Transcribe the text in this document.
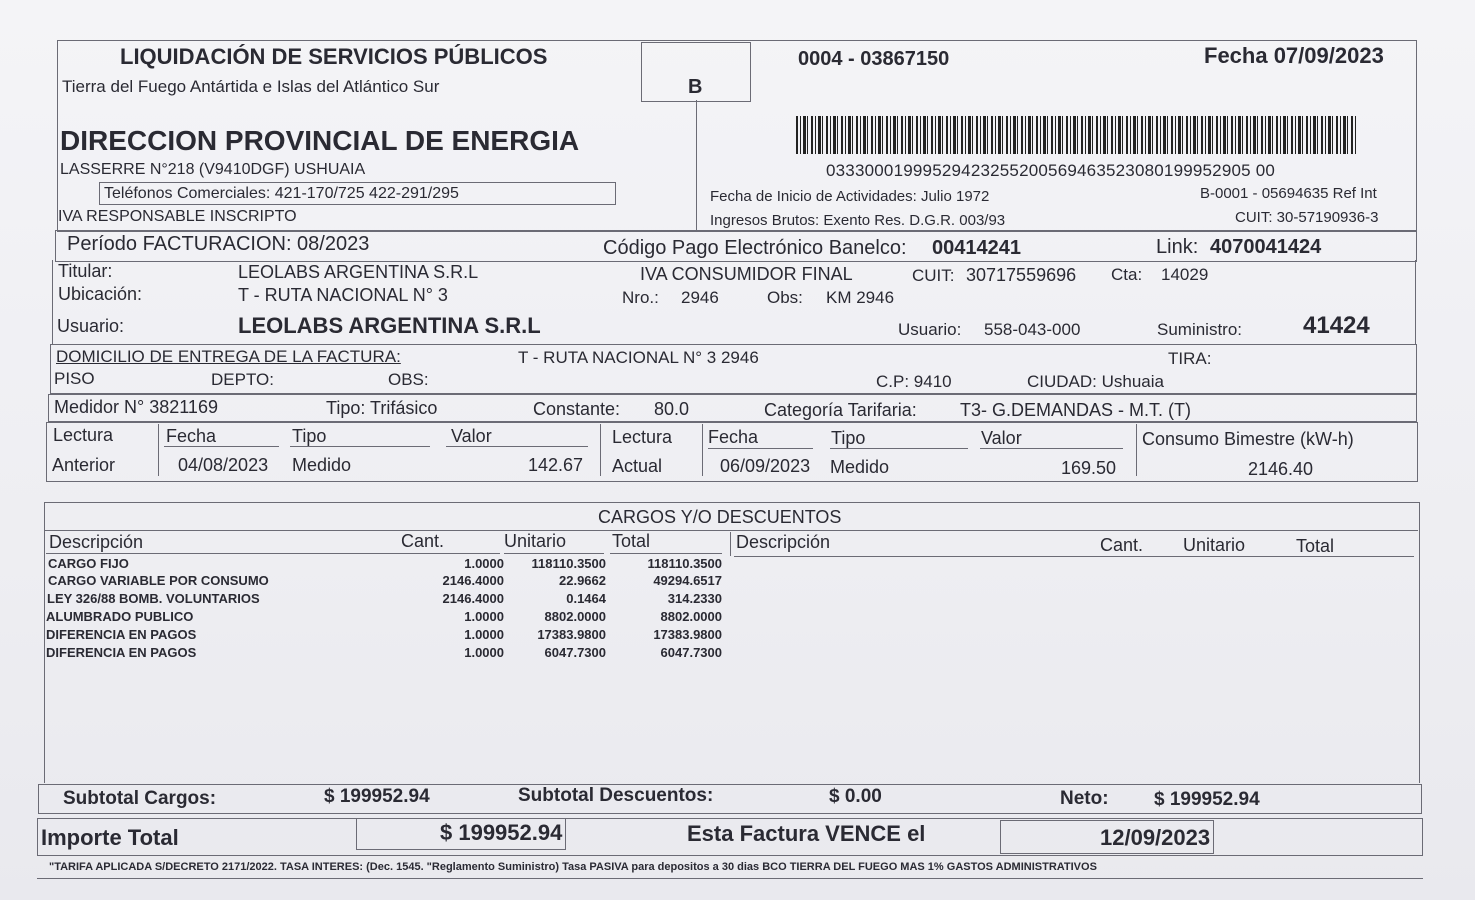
LIQUIDACIÓN DE SERVICIOS PÚBLICOS
Tierra del Fuego Antártida e Islas del Atlántico Sur
DIRECCION PROVINCIAL DE ENERGIA
LASSERRE N°218 (V9410DGF) USHUAIA
Teléfonos Comerciales: 421-170/725 422-291/295
IVA RESPONSABLE INSCRIPTO
B
0004 - 03867150	Fecha 07/09/2023
03330001999529423255200569463523080199952905 00
Fecha de Inicio de Actividades: Julio 1972	B-0001 - 05694635 Ref Int
Ingresos Brutos: Exento Res. D.G.R. 003/93	CUIT: 30-57190936-3
Período FACTURACION: 08/2023	Código Pago Electrónico Banelco: 00414241	Link: 4070041424
Titular:	LEOLABS ARGENTINA S.R.L	IVA CONSUMIDOR FINAL	CUIT: 30717559696 Cta: 14029
Ubicación:	T - RUTA NACIONAL N° 3	Nro.: 2946	Obs: KM 2946
Usuario:	LEOLABS ARGENTINA S.R.L	Usuario: 558-043-000	Suministro:	41424
DOMICILIO DE ENTREGA DE LA FACTURA:	T - RUTA NACIONAL N° 3 2946	TIRA:
PISO	DEPTO:	OBS:	C.P: 9410	CIUDAD: Ushuaia
Medidor N° 3821169	Tipo: Trifásico	Constante: 80.0	Categoría Tarifaria: T3- G.DEMANDAS - M.T. (T)
Lectura	Fecha	Tipo	Valor	Lectura Fecha	Tipo	Valor	Consumo Bimestre (kW-h)
Anterior	04/08/2023 Medido	142.67 Actual	06/09/2023 Medido	169.50	2146.40
CARGOS Y/O DESCUENTOS
Descripción	Cant.	Unitario	Total	Descripción	Cant. Unitario	Total
CARGO FIJO	1.0000 118110.3500	118110.3500
CARGO VARIABLE POR CONSUMO	2146.4000	22.9662	49294.6517
LEY 326/88 BOMB. VOLUNTARIOS	2146.4000	0.1464	314.2330
ALUMBRADO PUBLICO	1.0000	8802.0000	8802.0000
DIFERENCIA EN PAGOS	1.0000	17383.9800	17383.9800
DIFERENCIA EN PAGOS	1.0000	6047.7300	6047.7300
Subtotal Cargos:	$ 199952.94	Subtotal Descuentos:	$ 0.00	Neto: $ 199952.94
Importe Total	$ 199952.94	Esta Factura VENCE el	12/09/2023
"TARIFA APLICADA S/DECRETO 2171/2022. TASA INTERES: (Dec. 1545. "Reglamento Suministro) Tasa PASIVA para depositos a 30 dias BCO TIERRA DEL FUEGO MAS 1% GASTOS ADMINISTRATIVOS
